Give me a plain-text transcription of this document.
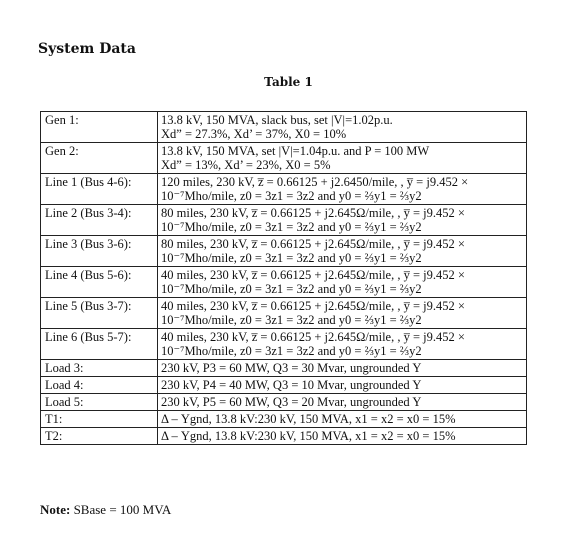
System Data
Table 1
Gen 1:	13.8 kV, 150 MVA, slack bus, set |V|=1.02p.u.
Xd” = 27.3%, Xd’ = 37%, X0 = 10%

Gen 2:	13.8 kV, 150 MVA, set |V|=1.04p.u. and P = 100 MW
Xd” = 13%, Xd’ = 23%, X0 = 5%

Line 1 (Bus 4-6):	120 miles, 230 kV, z̅ = 0.66125 + j2.6450/mile, , y̅ = j9.452 ×
10⁻⁷Mho/mile, z0 = 3z1 = 3z2 and y0 = ⅔y1 = ⅔y2

Line 2 (Bus 3-4):	80 miles, 230 kV, z̅ = 0.66125 + j2.645Ω/mile, , y̅ = j9.452 ×
10⁻⁷Mho/mile, z0 = 3z1 = 3z2 and y0 = ⅔y1 = ⅔y2

Line 3 (Bus 3-6):	80 miles, 230 kV, z̅ = 0.66125 + j2.645Ω/mile, , y̅ = j9.452 ×
10⁻⁷Mho/mile, z0 = 3z1 = 3z2 and y0 = ⅔y1 = ⅔y2

Line 4 (Bus 5-6):	40 miles, 230 kV, z̅ = 0.66125 + j2.645Ω/mile, , y̅ = j9.452 ×
10⁻⁷Mho/mile, z0 = 3z1 = 3z2 and y0 = ⅔y1 = ⅔y2

Line 5 (Bus 3-7):	40 miles, 230 kV, z̅ = 0.66125 + j2.645Ω/mile, , y̅ = j9.452 ×
10⁻⁷Mho/mile, z0 = 3z1 = 3z2 and y0 = ⅔y1 = ⅔y2

Line 6 (Bus 5-7):	40 miles, 230 kV, z̅ = 0.66125 + j2.645Ω/mile, , y̅ = j9.452 ×
10⁻⁷Mho/mile, z0 = 3z1 = 3z2 and y0 = ⅔y1 = ⅔y2

Load 3:	230 kV, P3 = 60 MW, Q3 = 30 Mvar, ungrounded Y

Load 4:	230 kV, P4 = 40 MW, Q3 = 10 Mvar, ungrounded Y

Load 5:	230 kV, P5 = 60 MW, Q3 = 20 Mvar, ungrounded Y

T1:	Δ – Ygnd, 13.8 kV:230 kV, 150 MVA, x1 = x2 = x0 = 15%

T2:	Δ – Ygnd, 13.8 kV:230 kV, 150 MVA, x1 = x2 = x0 = 15%
Note: SBase = 100 MVA
